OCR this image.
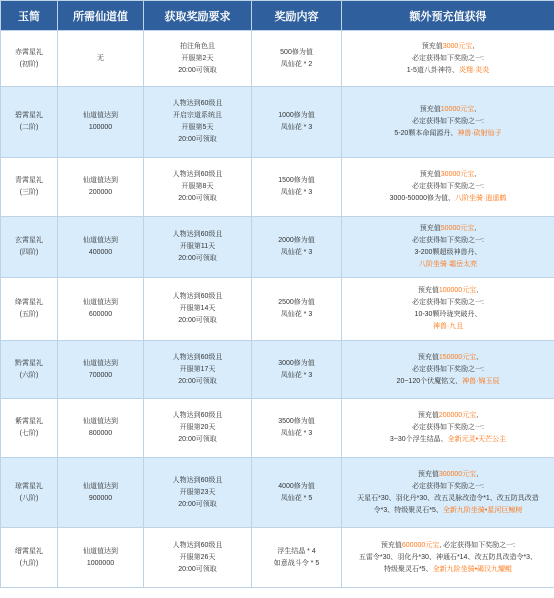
玉简	所需仙道值	获取奖励要求	奖励内容	额外预充值获得

赤霄星礼
(初阶)	无	拍注角色且
开服第2天
20:00可领取	500修为值
凤仙花 * 2	预充值3000元宝,
必定获得如下奖励之一:
1-5道八卦神符、炎翔·炎炎

碧霄星礼
(二阶)	仙道值达到
100000	人物达到60级且
开启宗道系统且
开服第5天
20:00可领取	1000修为值
凤仙花 * 3	预充值10000元宝,
必定获得如下奖励之一:
5-20颗本命闻源丹、神兽·砍射仙子

青霄星礼
(三阶)	仙道值达到
200000	人物达到60级且
开服第8天
20:00可领取	1500修为值
凤仙花 * 3	预充值30000元宝,
必定获得如下奖励之一:
3000-50000修为值、八阶坐骑·逍遥鹤

玄霄星礼
(四阶)	仙道值达到
400000	人物达到60级且
开服第11天
20:00可领取	2000修为值
凤仙花 * 3	预充值50000元宝,
必定获得如下奖励之一:
3-200颗超级神兽丹、
八阶坐骑·霜岳太亮

绛霄星礼
(五阶)	仙道值达到
600000	人物达到60级且
开服第14天
20:00可领取	2500修为值
凤仙花 * 3	预充值100000元宝,
必定获得如下奖励之一:
10-30颗玲珑突破丹、
神兽·九且

黔霄星礼
(六阶)	仙道值达到
700000	人物达到60级且
开服第17天
20:00可领取	3000修为值
凤仙花 * 3	预充值150000元宝,
必定获得如下奖励之一:
20~120个伏魔铭文、神兽·锦玉辰

紫霄星礼
(七阶)	仙道值达到
800000	人物达到60级且
开服第20天
20:00可领取	3500修为值
凤仙花 * 3	预充值200000元宝,
必定获得如下奖励之一:
3~30个浮生结晶、全新元灵•天芒公主

琼霄星礼
(八阶)	仙道值达到
900000	人物达到60级且
开服第23天
20:00可领取	4000修为值
凤仙花 * 5	预充值300000元宝,
必定获得如下奖励之一:
天星石*30、羽化丹*30、改五灵脉改造令*1、改五防具改造
令*3、特级聚灵石*5、全新九阶坐骑•星河巨鲸树

缙霄星礼
(九阶)	仙道值达到
1000000	人物达到60级且
开服第26天
20:00可领取	浮生结晶 * 4
如意战斗令 * 5	预充值600000元宝, 必定获得如下奖励之一:
五雷令*30、羽化丹*30、神通石*14、改五防具改造令*3、
特级聚灵石*5、全新九阶坐骑•碣汉九耀鲲
